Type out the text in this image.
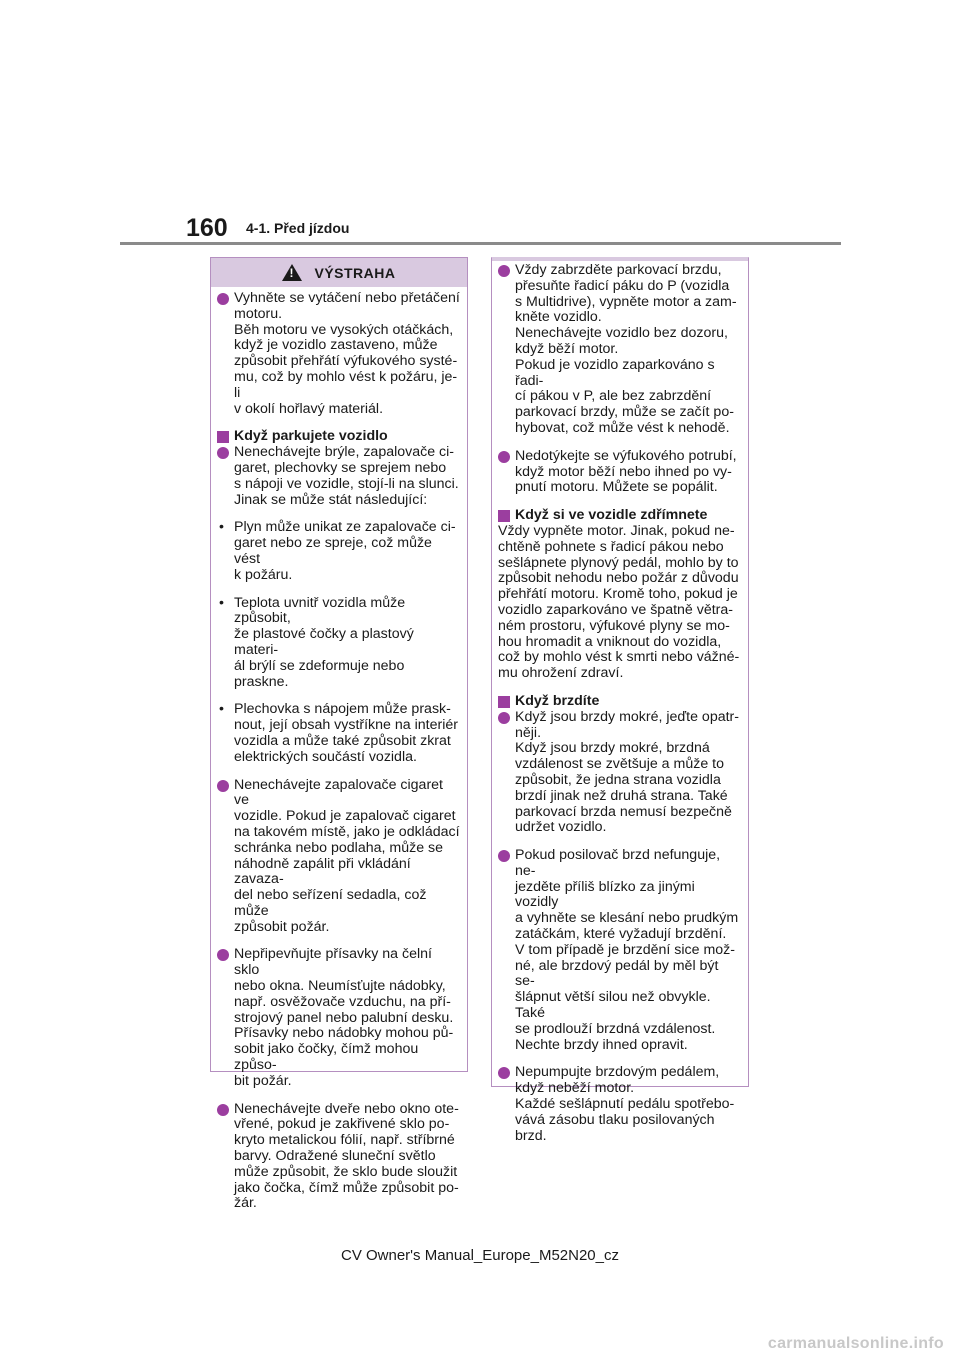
160 4-1. Před jízdou
!
VÝSTRAHA
Vyhněte se vytáčení nebo přetáčení
motoru.
Běh motoru ve vysokých otáčkách,
když je vozidlo zastaveno, může
způsobit přehřátí výfukového systé-
mu, což by mohlo vést k požáru, je-li
v okolí hořlavý materiál.
Když parkujete vozidlo
Nenechávejte brýle, zapalovače ci-
garet, plechovky se sprejem nebo
s nápoji ve vozidle, stojí-li na slunci.
Jinak se může stát následující:
• Plyn může unikat ze zapalovače ci-
garet nebo ze spreje, což může vést
k požáru.
• Teplota uvnitř vozidla může způsobit,
že plastové čočky a plastový materi-
ál brýlí se zdeformuje nebo praskne.
• Plechovka s nápojem může prask-
nout, její obsah vystříkne na interiér
vozidla a může také způsobit zkrat
elektrických součástí vozidla.
Nenechávejte zapalovače cigaret ve
vozidle. Pokud je zapalovač cigaret
na takovém místě, jako je odkládací
schránka nebo podlaha, může se
náhodně zapálit při vkládání zavaza-
del nebo seřízení sedadla, což může
způsobit požár.
Nepřipevňujte přísavky na čelní sklo
nebo okna. Neumísťujte nádobky,
např. osvěžovače vzduchu, na pří-
strojový panel nebo palubní desku.
Přísavky nebo nádobky mohou pů-
sobit jako čočky, čímž mohou způso-
bit požár.
Nenechávejte dveře nebo okno ote-
vřené, pokud je zakřivené sklo po-
kryto metalickou fólií, např. stříbrné
barvy. Odražené sluneční světlo
může způsobit, že sklo bude sloužit
jako čočka, čímž může způsobit po-
žár.
Vždy zabrzděte parkovací brzdu,
přesuňte řadicí páku do P (vozidla
s Multidrive), vypněte motor a zam-
kněte vozidlo.
Nenechávejte vozidlo bez dozoru,
když běží motor.
Pokud je vozidlo zaparkováno s řadi-
cí pákou v P, ale bez zabrzdění
parkovací brzdy, může se začít po-
hybovat, což může vést k nehodě.
Nedotýkejte se výfukového potrubí,
když motor běží nebo ihned po vy-
pnutí motoru. Můžete se popálit.
Když si ve vozidle zdřímnete
Vždy vypněte motor. Jinak, pokud ne-
chtěně pohnete s řadicí pákou nebo
sešlápnete plynový pedál, mohlo by to
způsobit nehodu nebo požár z důvodu
přehřátí motoru. Kromě toho, pokud je
vozidlo zaparkováno ve špatně větra-
ném prostoru, výfukové plyny se mo-
hou hromadit a vniknout do vozidla,
což by mohlo vést k smrti nebo vážné-
mu ohrožení zdraví.
Když brzdíte
Když jsou brzdy mokré, jeďte opatr-
něji.
Když jsou brzdy mokré, brzdná
vzdálenost se zvětšuje a může to
způsobit, že jedna strana vozidla
brzdí jinak než druhá strana. Také
parkovací brzda nemusí bezpečně
udržet vozidlo.
Pokud posilovač brzd nefunguje, ne-
jezděte příliš blízko za jinými vozidly
a vyhněte se klesání nebo prudkým
zatáčkám, které vyžadují brzdění.
V tom případě je brzdění sice mož-
né, ale brzdový pedál by měl být se-
šlápnut větší silou než obvykle. Také
se prodlouží brzdná vzdálenost.
Nechte brzdy ihned opravit.
Nepumpujte brzdovým pedálem,
když neběží motor.
Každé sešlápnutí pedálu spotřebo-
vává zásobu tlaku posilovaných
brzd.
CV Owner's Manual_Europe_M52N20_cz
carmanualsonline.info
